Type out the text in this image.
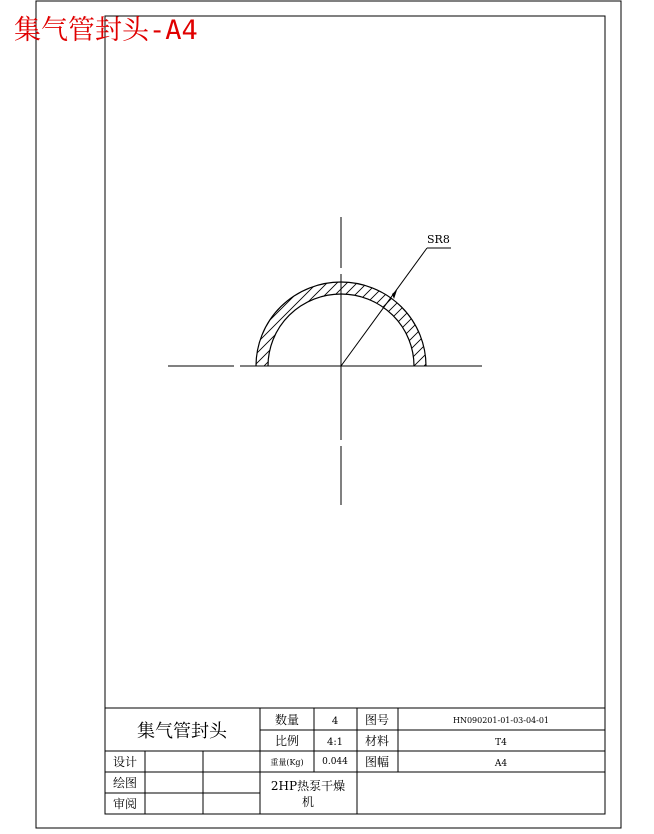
SR8
集气管封头
数量	4 图号	HN090201-01-03-04-01
比例	4:1 材料	T4
重量(Kg) 0.044 图幅	A4
设计
绘图
审阅
2HP热泵干燥
机
集气管封头-A4
